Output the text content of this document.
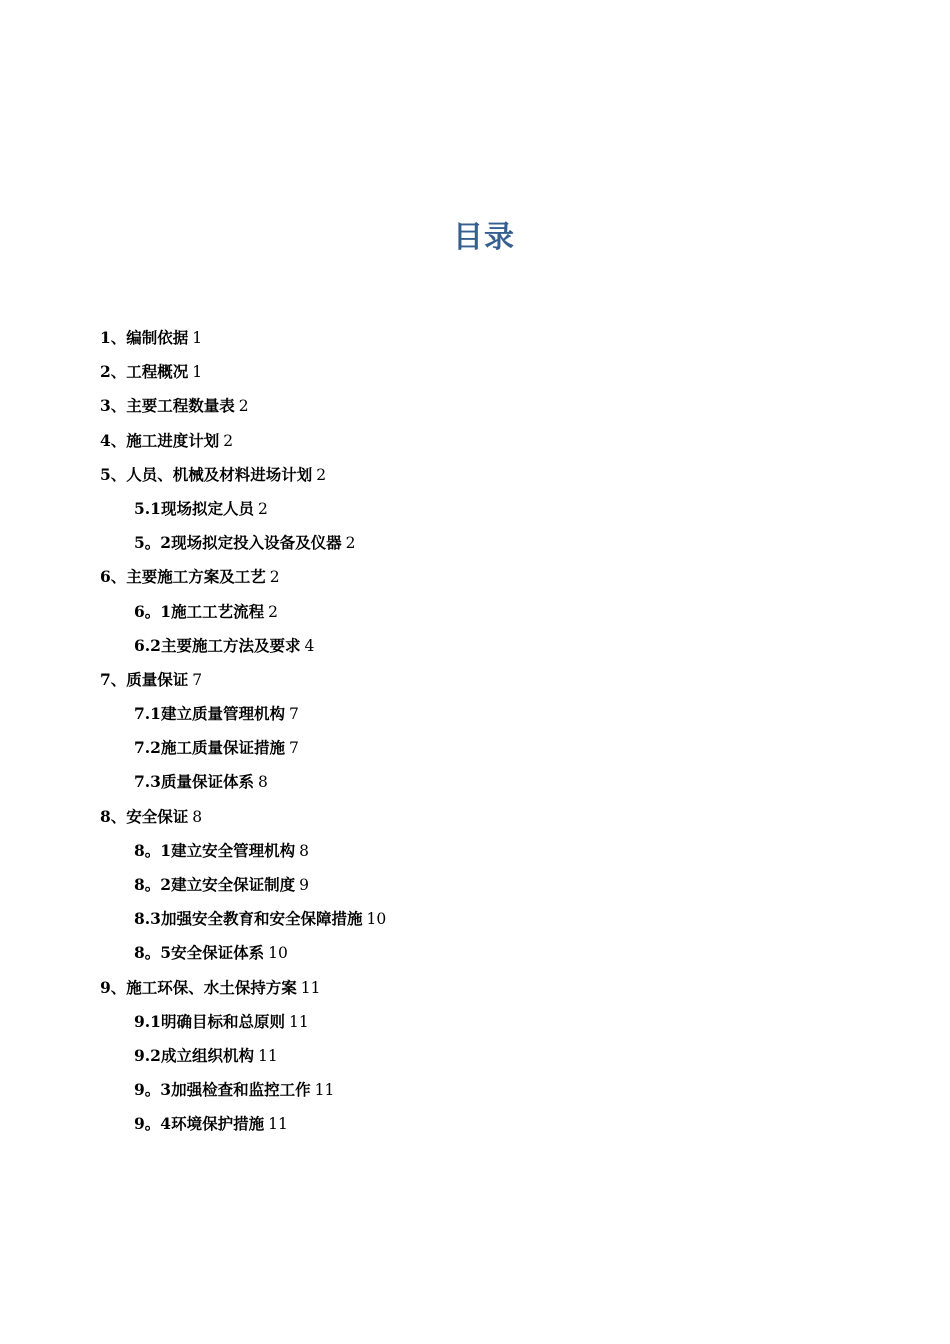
目录
1、编制依据 1
2、工程概况 1
3、主要工程数量表 2
4、施工进度计划 2
5、人员、机械及材料进场计划 2
5.1现场拟定人员 2
5。2现场拟定投入设备及仪器 2
6、主要施工方案及工艺 2
6。1施工工艺流程 2
6.2主要施工方法及要求 4
7、质量保证 7
7.1建立质量管理机构 7
7.2施工质量保证措施 7
7.3质量保证体系 8
8、安全保证 8
8。1建立安全管理机构 8
8。2建立安全保证制度 9
8.3加强安全教育和安全保障措施 10
8。5安全保证体系 10
9、施工环保、水土保持方案 11
9.1明确目标和总原则 11
9.2成立组织机构 11
9。3加强检查和监控工作 11
9。4环境保护措施 11
